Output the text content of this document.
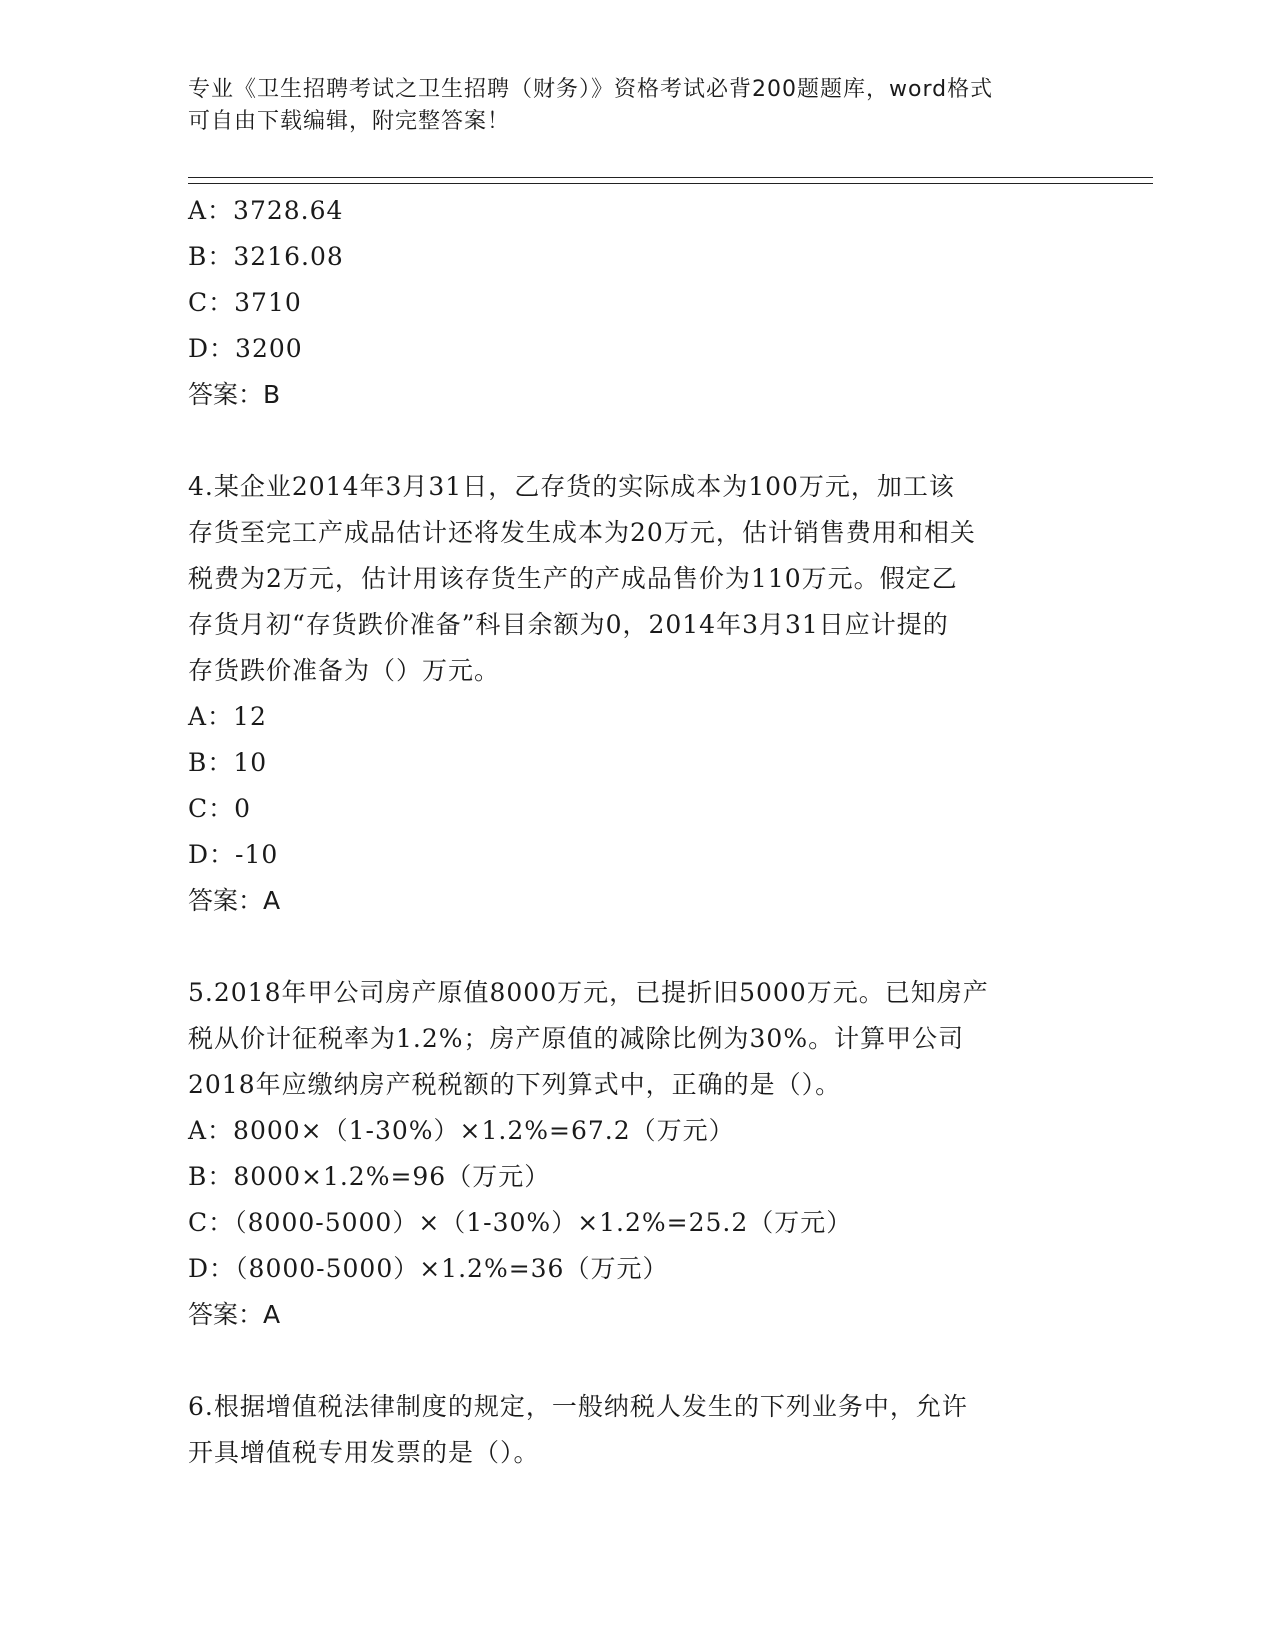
专业《卫生招聘考试之卫生招聘（财务）》资格考试必背200题题库，word格式
可自由下载编辑，附完整答案！
A：3728.64
B：3216.08
C：3710
D：3200
答案：B
4.某企业2014年3月31日，乙存货的实际成本为100万元，加工该
存货至完工产成品估计还将发生成本为20万元，估计销售费用和相关
税费为2万元，估计用该存货生产的产成品售价为110万元。假定乙
存货月初“存货跌价准备”科目余额为0，2014年3月31日应计提的
存货跌价准备为（）万元。
A：12
B：10
C：0
D：-10
答案：A
5.2018年甲公司房产原值8000万元，已提折旧5000万元。已知房产
税从价计征税率为1.2%；房产原值的减除比例为30%。计算甲公司
2018年应缴纳房产税税额的下列算式中，正确的是（）。
A：8000×（1-30%）×1.2%=67.2（万元）
B：8000×1.2%=96（万元）
C：（8000-5000）×（1-30%）×1.2%=25.2（万元）
D：（8000-5000）×1.2%=36（万元）
答案：A
6.根据增值税法律制度的规定，一般纳税人发生的下列业务中，允许
开具增值税专用发票的是（）。
